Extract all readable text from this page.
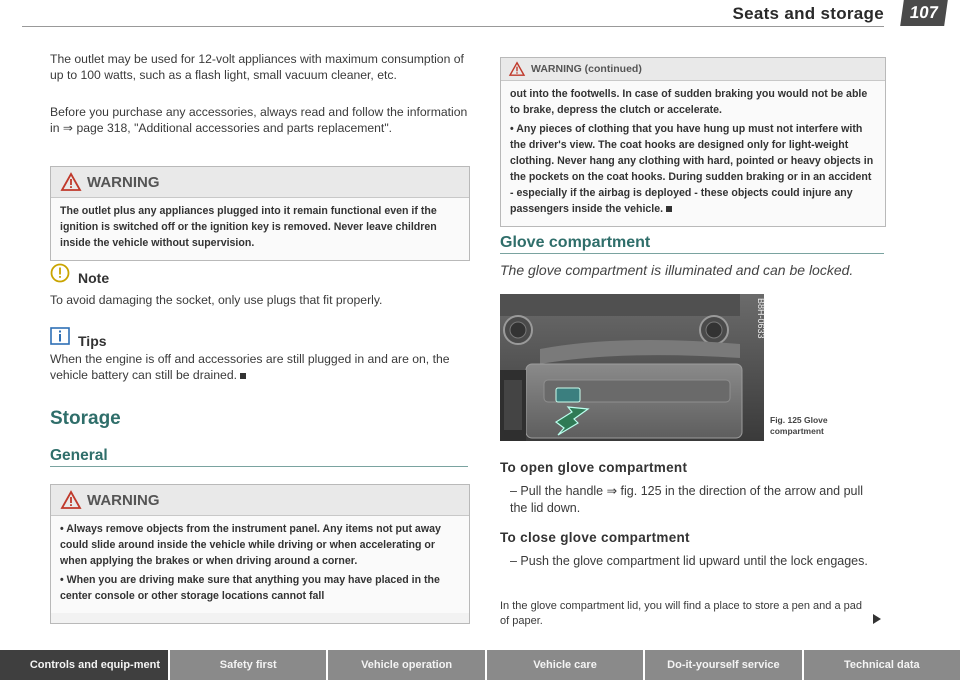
Seats and storage	107
The outlet may be used for 12-volt appliances with maximum consumption of up to 100 watts, such as a flash light, small vacuum cleaner, etc.
Before you purchase any accessories, always read and follow the information in ⇒ page 318, "Additional accessories and parts replacement".
WARNING

The outlet plus any appliances plugged into it remain functional even if the ignition is switched off or the ignition key is removed. Never leave children inside the vehicle without supervision.

Note
To avoid damaging the socket, only use plugs that fit properly.
Tips
When the engine is off and accessories are still plugged in and are on, the vehicle battery can still be drained.
Storage
General
WARNING

• Always remove objects from the instrument panel. Any items not put away could slide around inside the vehicle while driving or when accelerating or when applying the brakes or when driving around a corner.

• When you are driving make sure that anything you may have placed in the center console or other storage locations cannot fall

WARNING (continued)

out into the footwells. In case of sudden braking you would not be able to brake, depress the clutch or accelerate.

• Any pieces of clothing that you have hung up must not interfere with the driver's view. The coat hooks are designed only for light-weight clothing. Never hang any clothing with hard, pointed or heavy objects in the pockets on the coat hooks. During sudden braking or in an accident - especially if the airbag is deployed - these objects could injure any passengers inside the vehicle.

Glove compartment
The glove compartment is illuminated and can be locked.
B8H-0633
Fig. 125 Glove
compartment
To open glove compartment
– Pull the handle ⇒ fig. 125 in the direction of the arrow and pull the lid down.
To close glove compartment
– Push the glove compartment lid upward until the lock engages.
In the glove compartment lid, you will find a place to store a pen and a pad of paper.
Controls and equip-ment	Safety first	Vehicle operation	Vehicle care	Do-it-yourself service	Technical data
